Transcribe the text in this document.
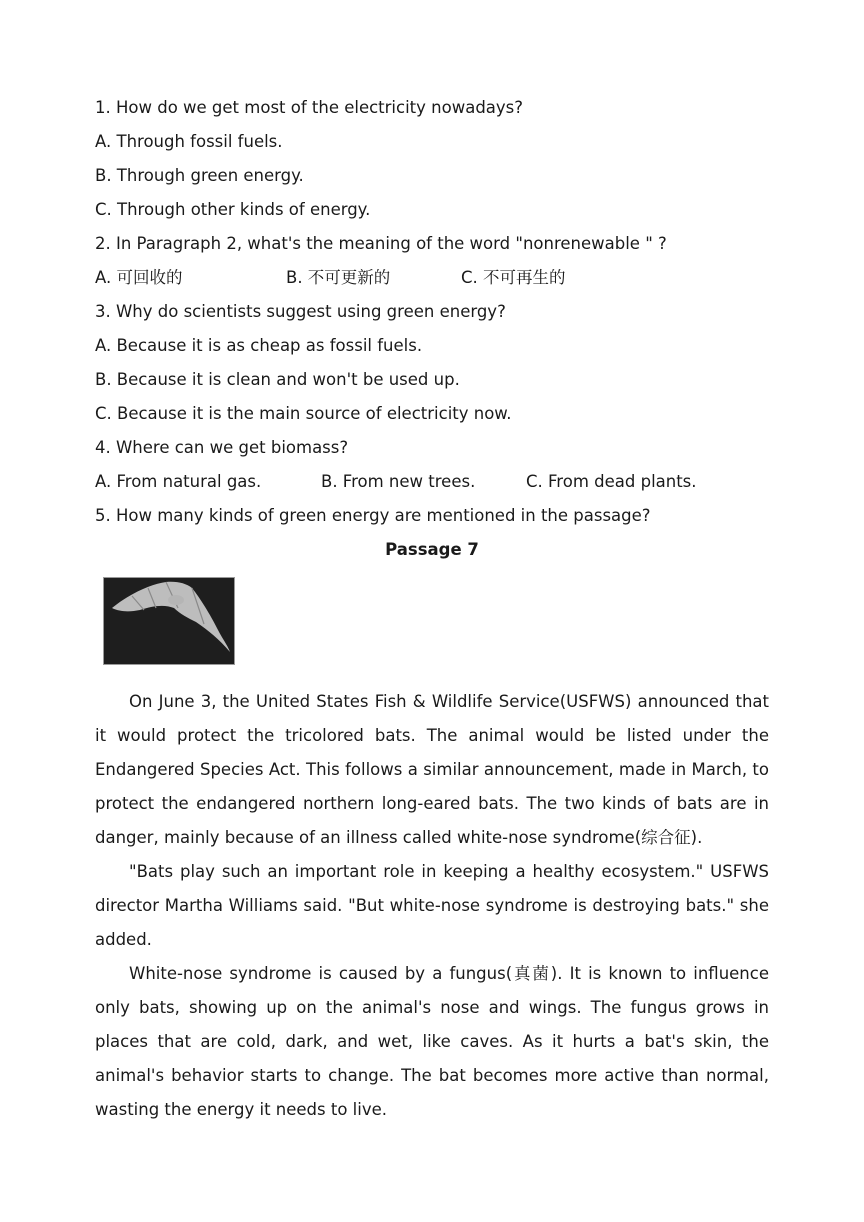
1. How do we get most of the electricity nowadays?
A. Through fossil fuels.
B. Through green energy.
C. Through other kinds of energy.
2. In Paragraph 2, what's the meaning of the word "nonrenewable " ?
A. 可回收的	B. 不可更新的	C. 不可再生的
3. Why do scientists suggest using green energy?
A. Because it is as cheap as fossil fuels.
B. Because it is clean and won't be used up.
C. Because it is the main source of electricity now.
4. Where can we get biomass?
A. From natural gas.	B. From new trees.	C. From dead plants.
5. How many kinds of green energy are mentioned in the passage?
Passage 7

On June 3, the United States Fish & Wildlife Service(USFWS) announced that it would protect the tricolored bats. The animal would be listed under the Endangered Species Act. This follows a similar announcement, made in March, to protect the endangered northern long-eared bats. The two kinds of bats are in danger, mainly because of an illness called white-nose syndrome(综合征).

"Bats play such an important role in keeping a healthy ecosystem." USFWS director Martha Williams said. "But white-nose syndrome is destroying bats." she added.

White-nose syndrome is caused by a fungus(真菌). It is known to influence only bats, showing up on the animal's nose and wings. The fungus grows in places that are cold, dark, and wet, like caves. As it hurts a bat's skin, the animal's behavior starts to change. The bat becomes more active than normal, wasting the energy it needs to live.
